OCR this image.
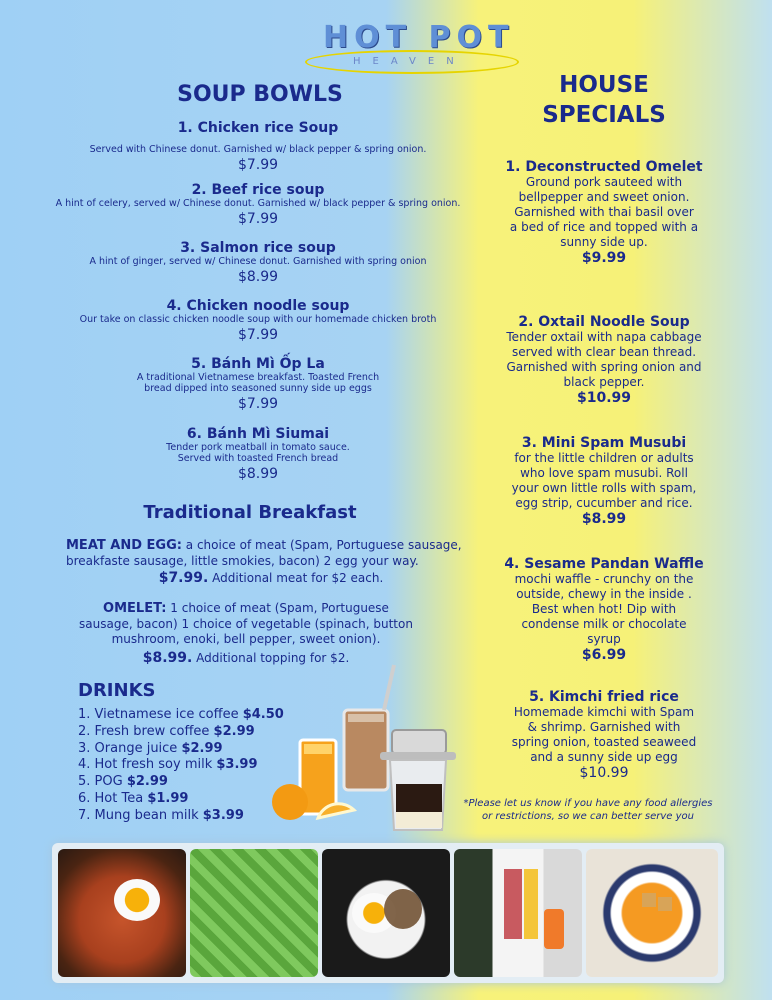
HOT POT
HEAVEN
SOUP BOWLS
1. Chicken rice Soup
Served with Chinese donut. Garnished w/ black pepper & spring onion.
$7.99
2. Beef rice soup
A hint of celery, served w/ Chinese donut. Garnished w/ black pepper & spring onion.
$7.99
3. Salmon rice soup
A hint of ginger, served w/ Chinese donut. Garnished with spring onion
$8.99
4. Chicken noodle soup
Our take on classic chicken noodle soup with our homemade chicken broth
$7.99
5. Bánh Mì Ốp La
A traditional Vietnamese breakfast. Toasted French bread dipped into seasoned sunny side up eggs
$7.99
6. Bánh Mì Siumai
Tender pork meatball in tomato sauce. Served with toasted French bread
$8.99
Traditional Breakfast
MEAT AND EGG: a choice of meat (Spam, Portuguese sausage, breakfaste sausage, little smokies, bacon) 2 egg your way.
$7.99. Additional meat for $2 each.
OMELET: 1 choice of meat (Spam, Portuguese sausage, bacon) 1 choice of vegetable (spinach, button mushroom, enoki, bell pepper, sweet onion).
$8.99. Additional topping for $2.
DRINKS
1. Vietnamese ice coffee $4.50
2. Fresh brew coffee $2.99
3. Orange juice $2.99
4. Hot fresh soy milk $3.99
5. POG $2.99
6. Hot Tea $1.99
7. Mung bean milk $3.99
HOUSE
SPECIALS
1. Deconstructed Omelet
Ground pork sauteed with bellpepper and sweet onion. Garnished with thai basil over a bed of rice and topped with a sunny side up.
$9.99
2. Oxtail Noodle Soup
Tender oxtail with napa cabbage served with clear bean thread. Garnished with spring onion and black pepper.
$10.99
3. Mini Spam Musubi
for the little children or adults who love spam musubi. Roll your own little rolls with spam, egg strip, cucumber and rice.
$8.99
4. Sesame Pandan Waffle
mochi waffle - crunchy on the outside, chewy in the inside . Best when hot! Dip with condense milk or chocolate syrup
$6.99
5. Kimchi fried rice
Homemade kimchi with Spam & shrimp. Garnished with spring onion, toasted seaweed and a sunny side up egg
$10.99
*Please let us know if you have any food allergies or restrictions, so we can better serve you
